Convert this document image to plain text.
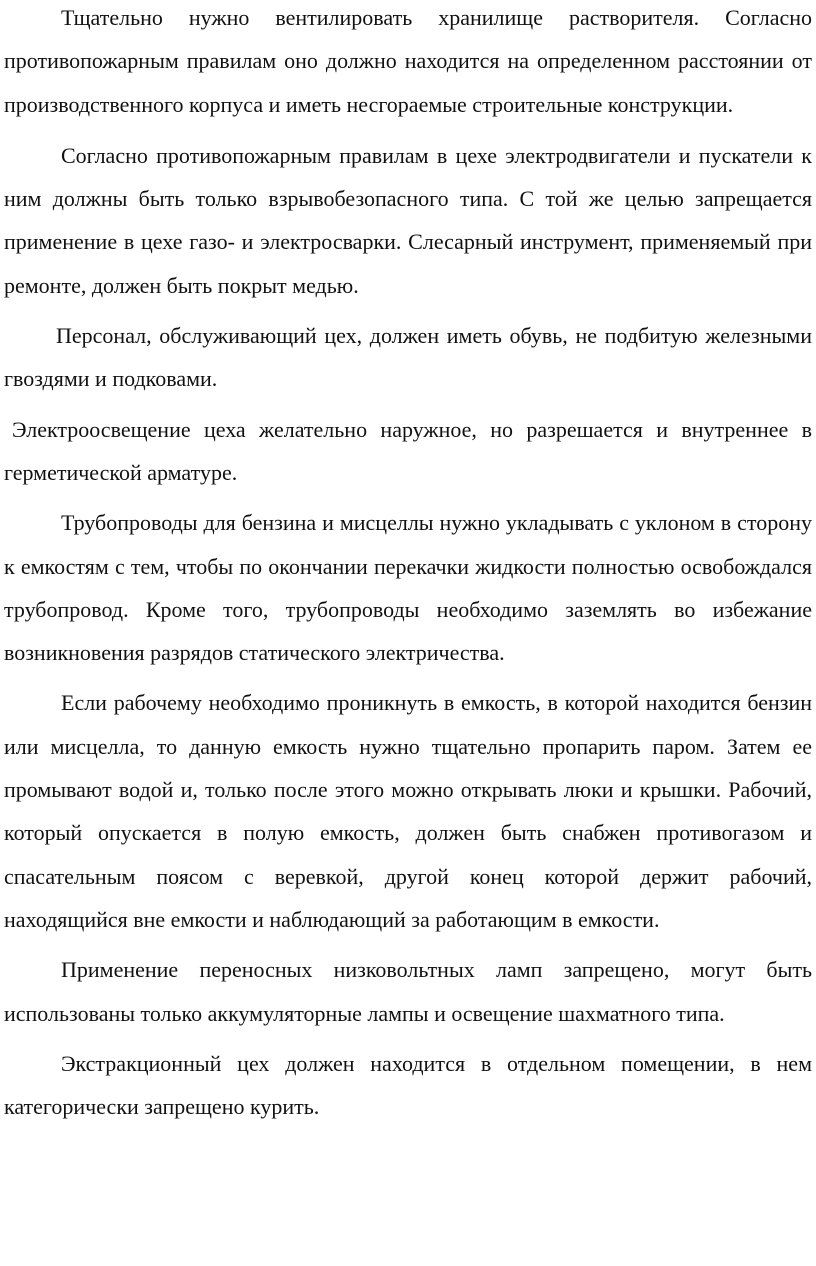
Тщательно нужно вентилировать хранилище растворителя. Согласно противопожарным правилам оно должно находится на определенном расстоянии от производственного корпуса и иметь несгораемые строительные конструкции.

Согласно противопожарным правилам в цехе электродвигатели и пускатели к ним должны быть только взрывобезопасного типа. С той же целью запрещается применение в цехе газо- и электросварки. Слесарный инструмент, применяемый при ремонте, должен быть покрыт медью.

Персонал, обслуживающий цех, должен иметь обувь, не подбитую железными гвоздями и подковами.

Электроосвещение цеха желательно наружное, но разрешается и внутреннее в герметической арматуре.

Трубопроводы для бензина и мисцеллы нужно укладывать с уклоном в сторону к емкостям с тем, чтобы по окончании перекачки жидкости полностью освобождался трубопровод. Кроме того, трубопроводы необходимо заземлять во избежание возникновения разрядов статического электричества.

Если рабочему необходимо проникнуть в емкость, в которой находится бензин или мисцелла, то данную емкость нужно тщательно пропарить паром. Затем ее промывают водой и, только после этого можно открывать люки и крышки. Рабочий, который опускается в полую емкость, должен быть снабжен противогазом и спасательным поясом с веревкой, другой конец которой держит рабочий, находящийся вне емкости и наблюдающий за работающим в емкости.

Применение переносных низковольтных ламп запрещено, могут быть использованы только аккумуляторные лампы и освещение шахматного типа.

Экстракционный цех должен находится в отдельном помещении, в нем категорически запрещено курить.
